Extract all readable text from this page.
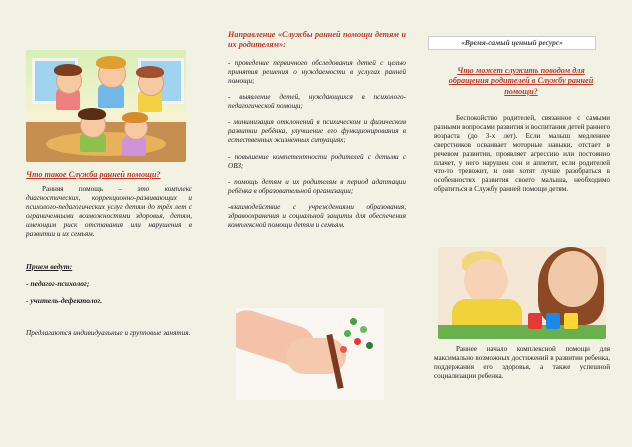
Что такое Служба ранней помощи?

Ранняя помощь – это комплекс диагностических, коррекционно-развивающих и психолого-педагогических услуг детям до трёх лет с ограниченными возможностями здоровья, детям, имеющим риск отставания или нарушения в развитии и их семьям.

Прием ведут:
- педагог-психолог;
- учитель-дефектолог.

Предлагаются индивидуальные и групповые занятия.

Направление «Службы ранней помощи детям и их родителям»:

- проведение первичного обследования детей с целью принятия решения о нуждаемости в услугах ранней помощи;

- выявление детей, нуждающихся в психолого-педагогической помощи;

- минимизация отклонений в психическом и физическом развитии ребёнка, улучшение его функционирования в естественных жизненных ситуациях;

- повышение компетентности родителей с детьми с ОВЗ;

- помощь детям и их родителям в период адаптации ребёнка в образовательной организации;

-взаимодействие с учреждениями образования, здравоохранения и социальной защиты для обеспечения комплексной помощи детям и семьям.

«Время-самый ценный ресурс»
Что может служить поводом для обращения родителей в Службу ранней помощи?

Беспокойство родителей, связанное с самыми разными вопросами развития и воспитания детей раннего возраста (до 3-х лет). Если малыш медленнее сверстников осваивает моторные навыки, отстает в речевом развитии, проявляет агрессию или постоянно плачет, у него нарушен сон и аппетит, если родителей что-то тревожит, и они хотят лучше разобраться в особенностях развития своего малыша, необходимо обратиться в Службу ранней помощи детям.

Раннее начало комплексной помощи для максимально возможных достижений в развитии ребенка, поддержания его здоровья, а также успешной социализации ребенка.
